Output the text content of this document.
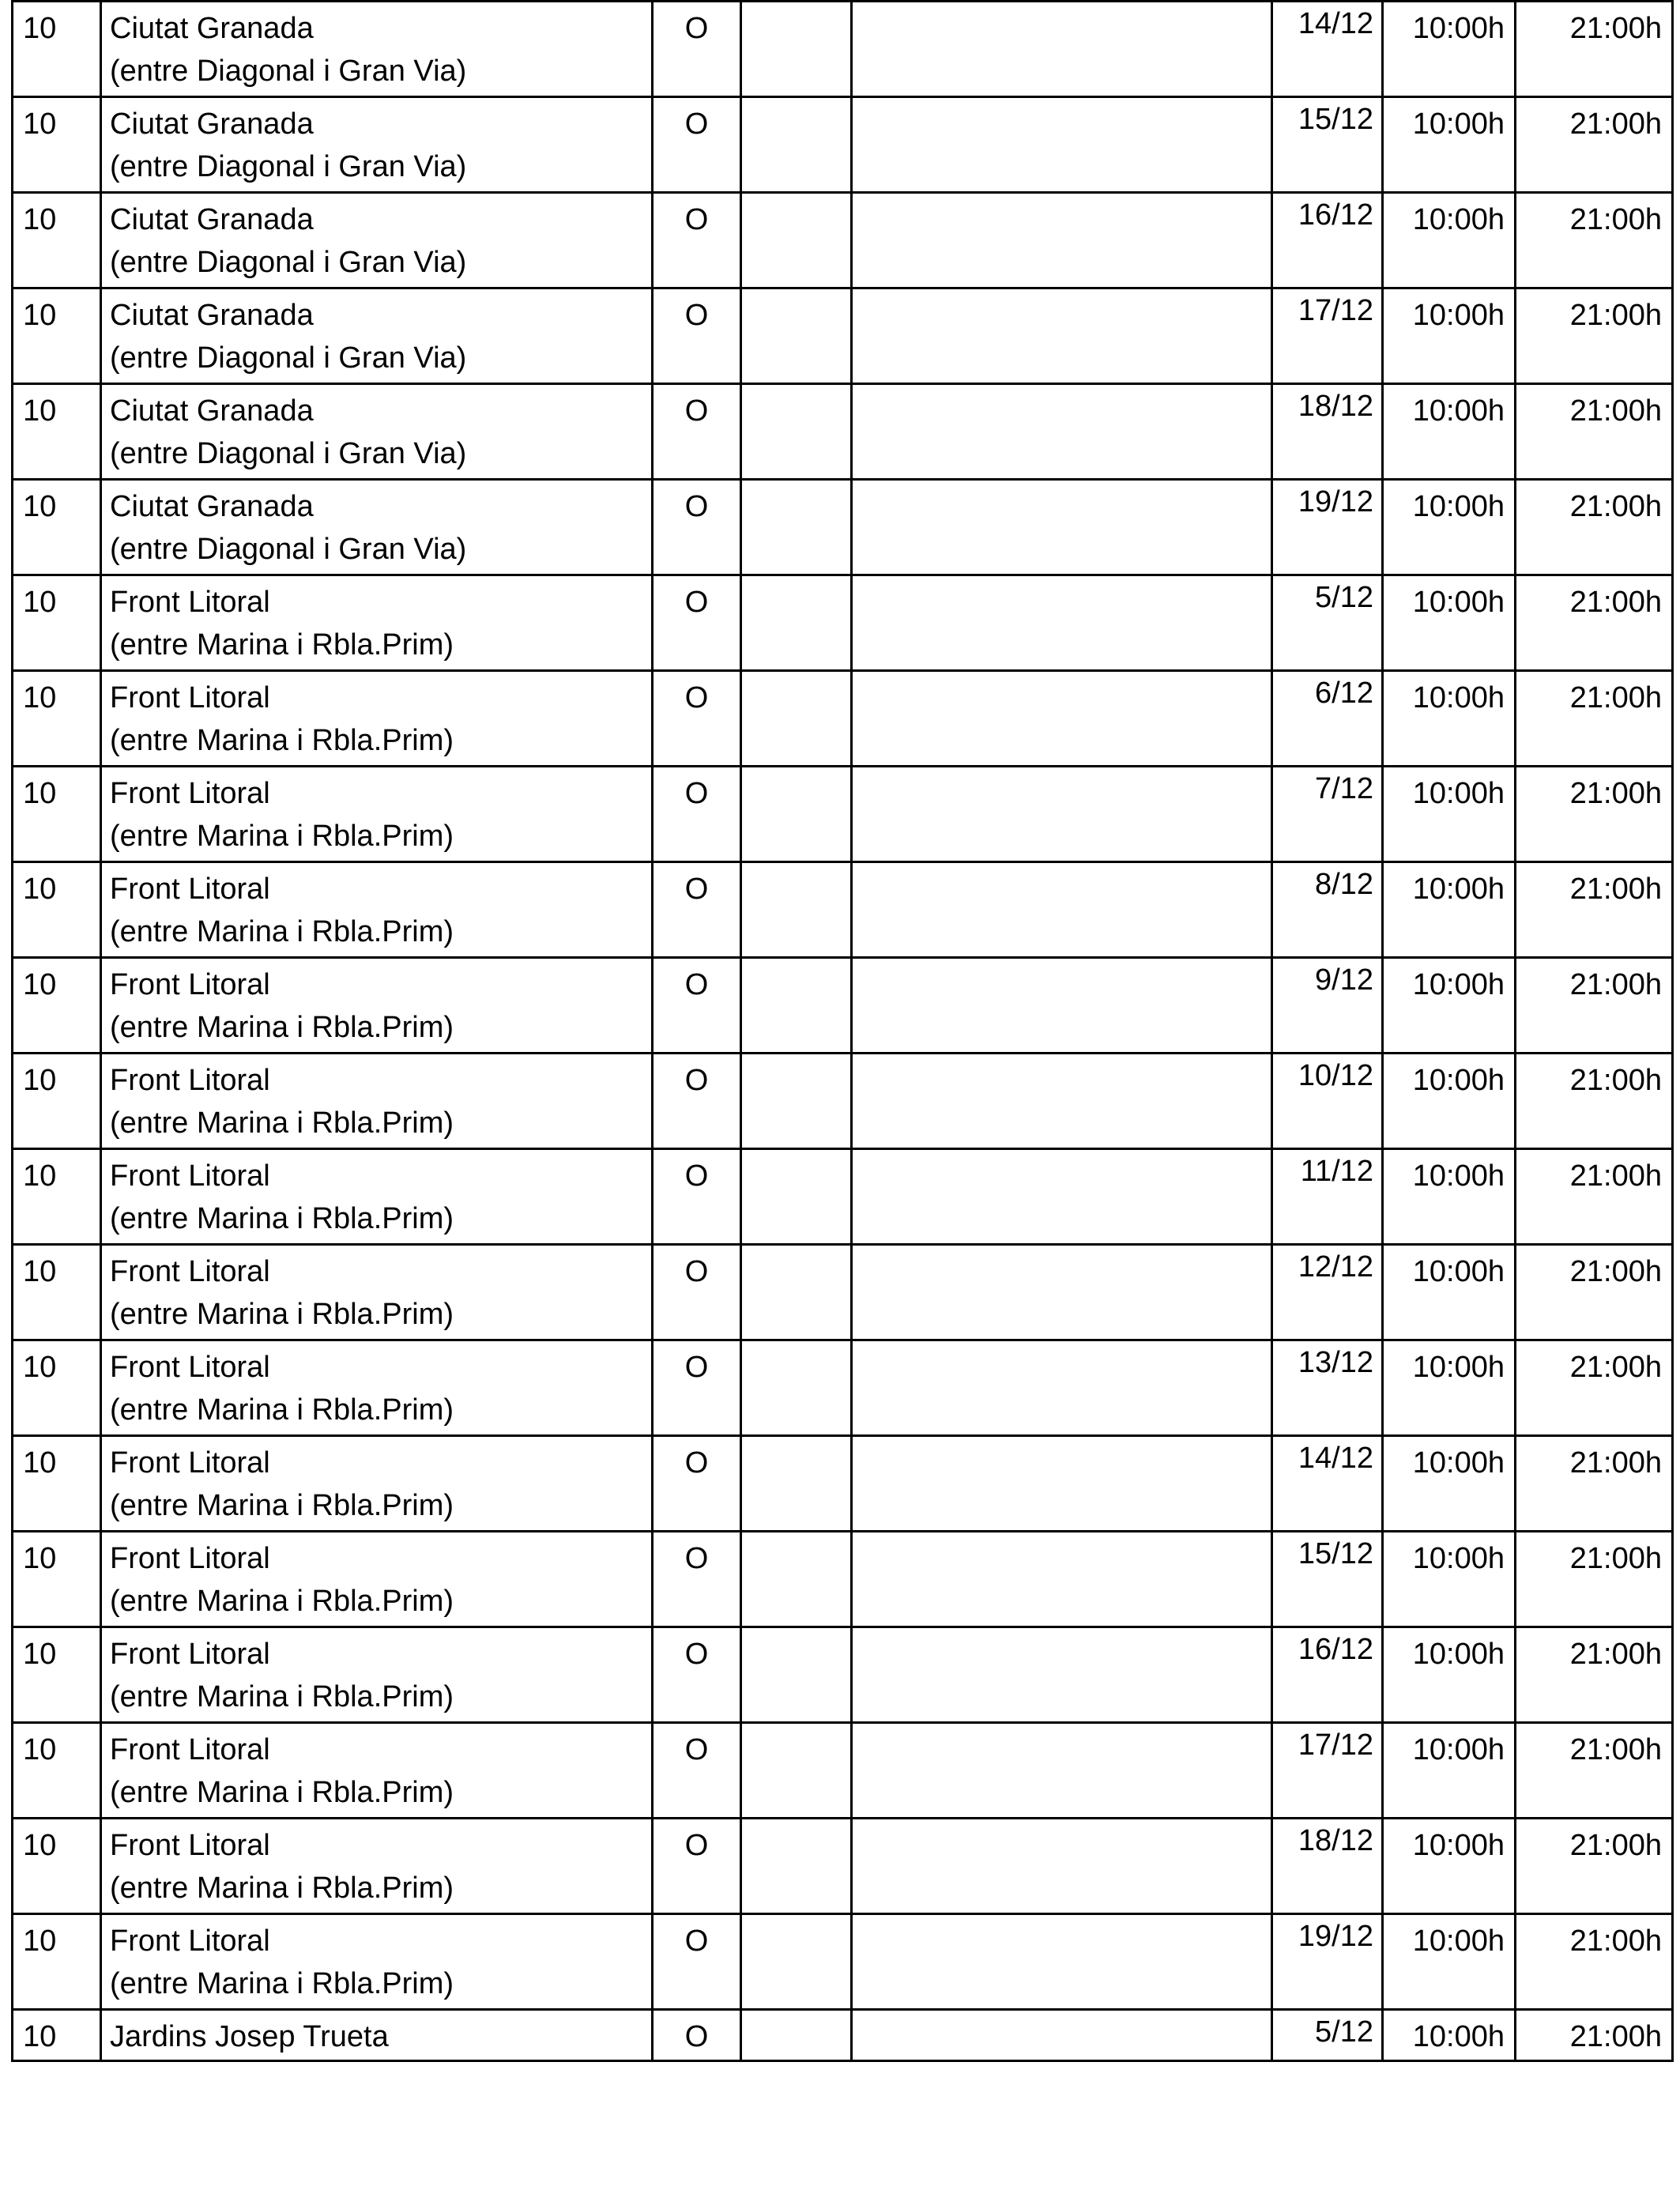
10	Ciutat Granada
(entre Diagonal i Gran Via)
O	14/12	10:00h	21:00h
10	Ciutat Granada
(entre Diagonal i Gran Via)
O	15/12	10:00h	21:00h
10	Ciutat Granada
(entre Diagonal i Gran Via)
O	16/12	10:00h	21:00h
10	Ciutat Granada
(entre Diagonal i Gran Via)
O	17/12	10:00h	21:00h
10	Ciutat Granada
(entre Diagonal i Gran Via)
O	18/12	10:00h	21:00h
10	Ciutat Granada
(entre Diagonal i Gran Via)
O	19/12	10:00h	21:00h
10	Front Litoral
(entre Marina i Rbla.Prim)
O	5/12	10:00h	21:00h
10	Front Litoral
(entre Marina i Rbla.Prim)
O	6/12	10:00h	21:00h
10	Front Litoral
(entre Marina i Rbla.Prim)
O	7/12	10:00h	21:00h
10	Front Litoral
(entre Marina i Rbla.Prim)
O	8/12	10:00h	21:00h
10	Front Litoral
(entre Marina i Rbla.Prim)
O	9/12	10:00h	21:00h
10	Front Litoral
(entre Marina i Rbla.Prim)
O	10/12	10:00h	21:00h
10	Front Litoral
(entre Marina i Rbla.Prim)
O	11/12	10:00h	21:00h
10	Front Litoral
(entre Marina i Rbla.Prim)
O	12/12	10:00h	21:00h
10	Front Litoral
(entre Marina i Rbla.Prim)
O	13/12	10:00h	21:00h
10	Front Litoral
(entre Marina i Rbla.Prim)
O	14/12	10:00h	21:00h
10	Front Litoral
(entre Marina i Rbla.Prim)
O	15/12	10:00h	21:00h
10	Front Litoral
(entre Marina i Rbla.Prim)
O	16/12	10:00h	21:00h
10	Front Litoral
(entre Marina i Rbla.Prim)
O	17/12	10:00h	21:00h
10	Front Litoral
(entre Marina i Rbla.Prim)
O	18/12	10:00h	21:00h
10	Front Litoral
(entre Marina i Rbla.Prim)
O	19/12	10:00h	21:00h
10	Jardins Josep Trueta	O	5/12	10:00h	21:00h
